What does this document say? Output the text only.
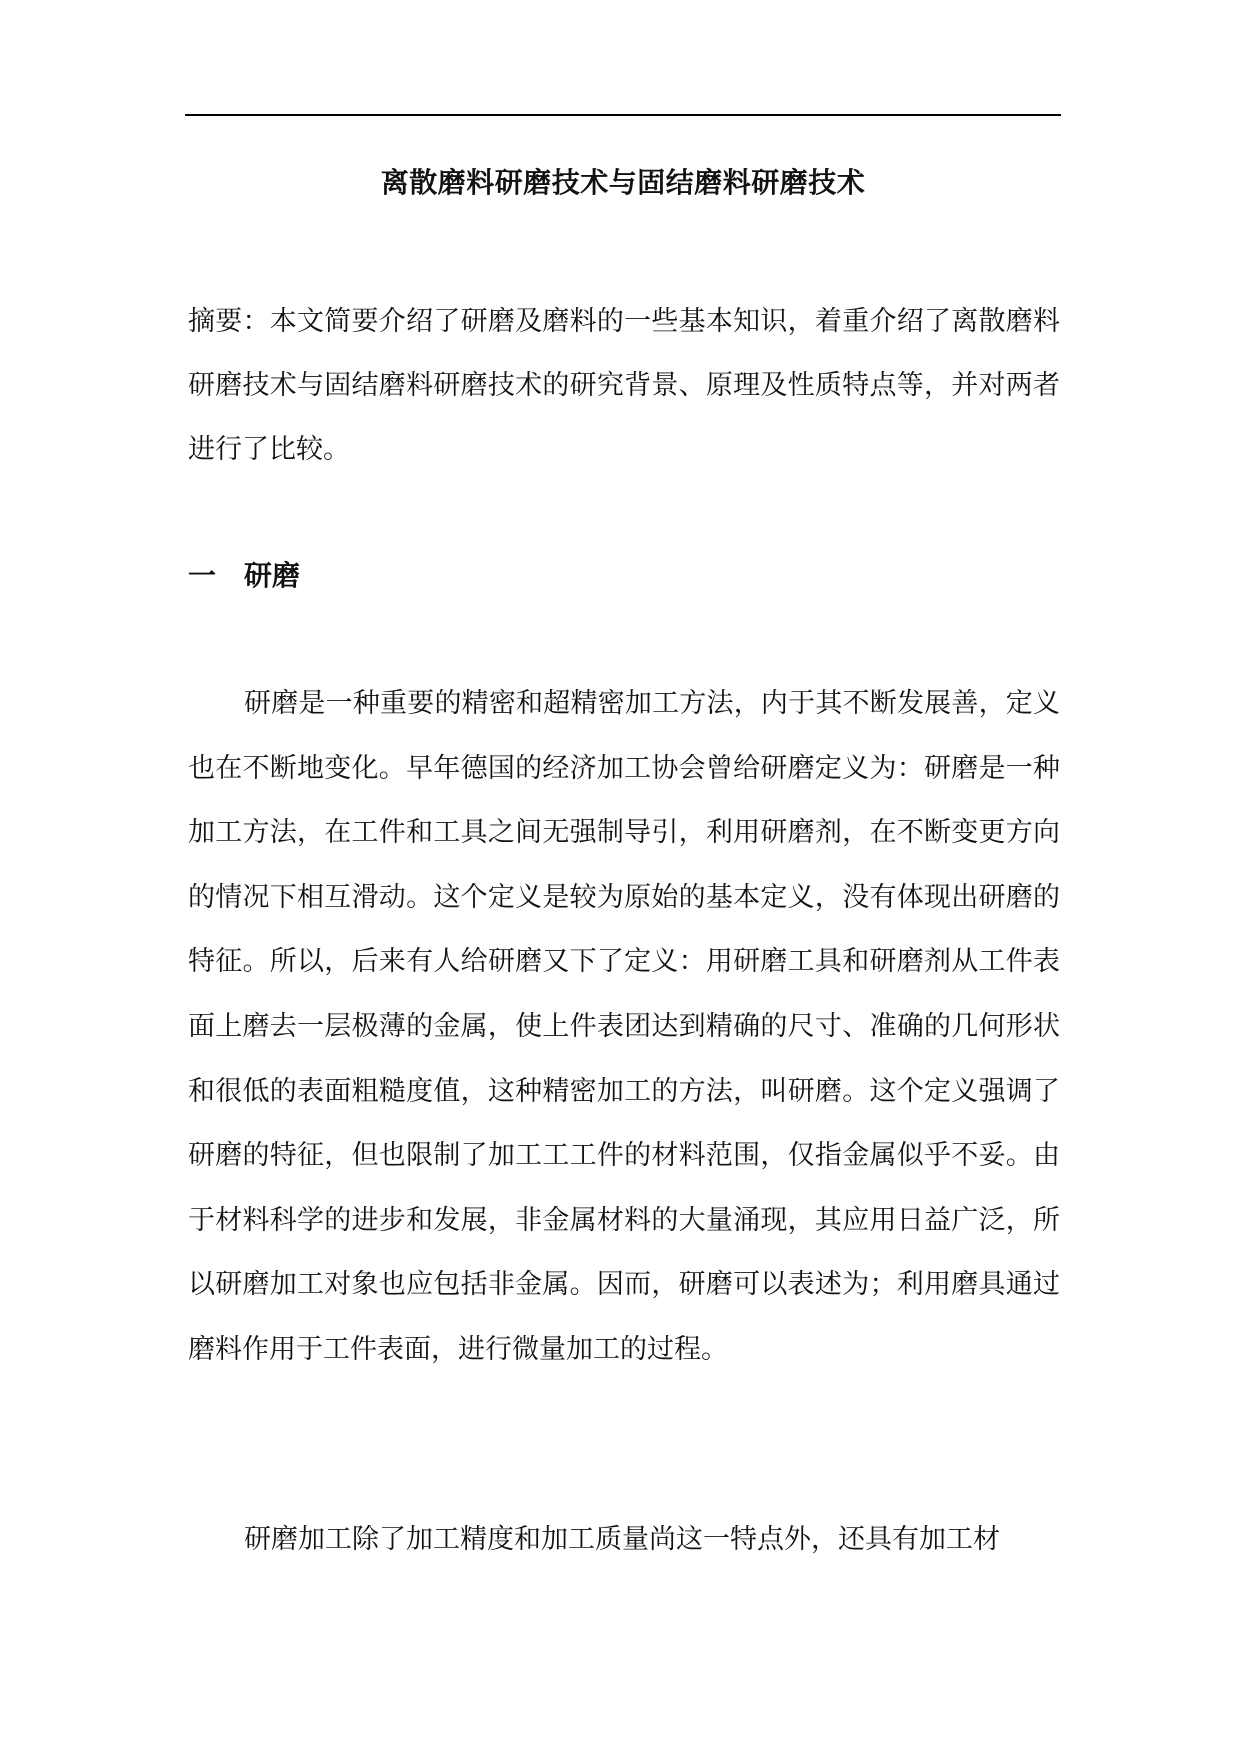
离散磨料研磨技术与固结磨料研磨技术
摘要：本文简要介绍了研磨及磨料的一些基本知识，着重介绍了离散磨料研磨技术与固结磨料研磨技术的研究背景、原理及性质特点等，并对两者进行了比较。
一 研磨
研磨是一种重要的精密和超精密加工方法，内于其不断发展善，定义也在不断地变化。早年德国的经济加工协会曾给研磨定义为：研磨是一种加工方法，在工件和工具之间无强制导引，利用研磨剂，在不断变更方向的情况下相互滑动。这个定义是较为原始的基本定义，没有体现出研磨的特征。所以，后来有人给研磨又下了定义：用研磨工具和研磨剂从工件表面上磨去一层极薄的金属，使上件表团达到精确的尺寸、准确的几何形状和很低的表面粗糙度值，这种精密加工的方法，叫研磨。这个定义强调了研磨的特征，但也限制了加工工工件的材料范围，仅指金属似乎不妥。由于材料科学的进步和发展，非金属材料的大量涌现，其应用日益广泛，所以研磨加工对象也应包括非金属。因而，研磨可以表述为；利用磨具通过磨料作用于工件表面，进行微量加工的过程。
研磨加工除了加工精度和加工质量尚这一特点外，还具有加工材
